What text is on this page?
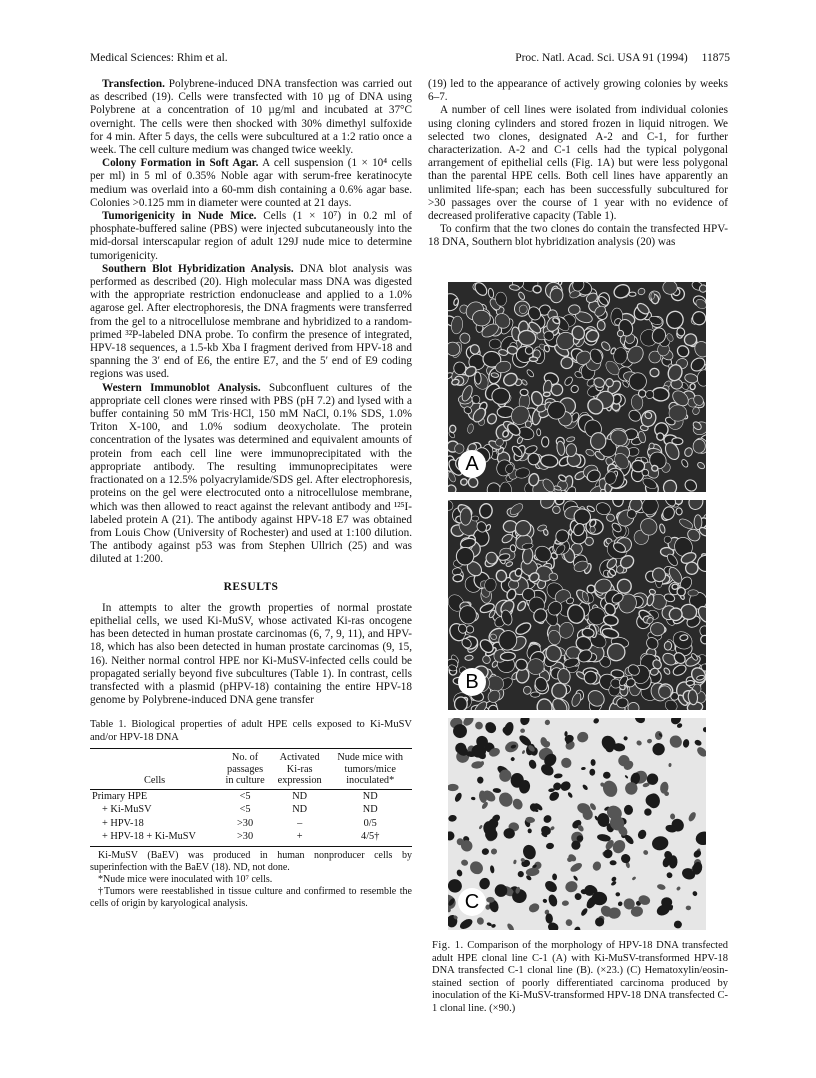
Medical Sciences: Rhim et al.	Proc. Natl. Acad. Sci. USA 91 (1994) 11875

Transfection. Polybrene-induced DNA transfection was carried out as described (19). Cells were transfected with 10 µg of DNA using Polybrene at a concentration of 10 µg/ml and incubated at 37°C overnight. The cells were then shocked with 30% dimethyl sulfoxide for 4 min. After 5 days, the cells were subcultured at a 1:2 ratio once a week. The cell culture medium was changed twice weekly.

Colony Formation in Soft Agar. A cell suspension (1 × 10⁴ cells per ml) in 5 ml of 0.35% Noble agar with serum-free keratinocyte medium was overlaid into a 60-mm dish containing a 0.6% agar base. Colonies >0.125 mm in diameter were counted at 21 days.

Tumorigenicity in Nude Mice. Cells (1 × 10⁷) in 0.2 ml of phosphate-buffered saline (PBS) were injected subcutaneously into the mid-dorsal interscapular region of adult 129J nude mice to determine tumorigenicity.

Southern Blot Hybridization Analysis. DNA blot analysis was performed as described (20). High molecular mass DNA was digested with the appropriate restriction endonuclease and applied to a 1.0% agarose gel. After electrophoresis, the DNA fragments were transferred from the gel to a nitrocellulose membrane and hybridized to a random-primed ³²P-labeled DNA probe. To confirm the presence of integrated, HPV-18 sequences, a 1.5-kb Xba I fragment derived from HPV-18 and spanning the 3′ end of E6, the entire E7, and the 5′ end of E9 coding regions was used.

Western Immunoblot Analysis. Subconfluent cultures of the appropriate cell clones were rinsed with PBS (pH 7.2) and lysed with a buffer containing 50 mM Tris·HCl, 150 mM NaCl, 0.1% SDS, 1.0% Triton X-100, and 1.0% sodium deoxycholate. The protein concentration of the lysates was determined and equivalent amounts of protein from each cell line were immunoprecipitated with the appropriate antibody. The resulting immunoprecipitates were fractionated on a 12.5% polyacrylamide/SDS gel. After electrophoresis, proteins on the gel were electrocuted onto a nitrocellulose membrane, which was then allowed to react against the relevant antibody and ¹²⁵I-labeled protein A (21). The antibody against HPV-18 E7 was obtained from Louis Chow (University of Rochester) and used at 1:100 dilution. The antibody against p53 was from Stephen Ullrich (25) and was diluted at 1:200.

RESULTS

In attempts to alter the growth properties of normal prostate epithelial cells, we used Ki-MuSV, whose activated Ki-ras oncogene has been detected in human prostate carcinomas (6, 7, 9, 11), and HPV-18, which has also been detected in human prostate carcinomas (9, 15, 16). Neither normal control HPE nor Ki-MuSV-infected cells could be propagated serially beyond five subcultures (Table 1). In contrast, cells transfected with a plasmid (pHPV-18) containing the entire HPV-18 genome by Polybrene-induced DNA gene transfer

Table 1. Biological properties of adult HPE cells exposed to Ki-MuSV and/or HPV-18 DNA
	No. of	Activated	Nude mice with
	passages	Ki-ras	tumors/mice
Cells	in culture	expression	inoculated*
Primary HPE	<5	ND	ND
+ Ki-MuSV	<5	ND	ND
+ HPV-18	>30	–	0/5
+ HPV-18 + Ki-MuSV	>30	+	4/5†

Ki-MuSV (BaEV) was produced in human nonproducer cells by superinfection with the BaEV (18). ND, not done.

*Nude mice were inoculated with 10⁷ cells.

†Tumors were reestablished in tissue culture and confirmed to resemble the cells of origin by karyological analysis.

(19) led to the appearance of actively growing colonies by weeks 6–7.

A number of cell lines were isolated from individual colonies using cloning cylinders and stored frozen in liquid nitrogen. We selected two clones, designated A-2 and C-1, for further characterization. A-2 and C-1 cells had the typical polygonal arrangement of epithelial cells (Fig. 1A) but were less polygonal than the parental HPE cells. Both cell lines have apparently an unlimited life-span; each has been successfully subcultured for >30 passages over the course of 1 year with no evidence of decreased proliferative capacity (Table 1).

To confirm that the two clones do contain the transfected HPV-18 DNA, Southern blot hybridization analysis (20) was

A
B
C
Fig. 1. Comparison of the morphology of HPV-18 DNA transfected adult HPE clonal line C-1 (A) with Ki-MuSV-transformed HPV-18 DNA transfected C-1 clonal line (B). (×23.) (C) Hematoxylin/eosin-stained section of poorly differentiated carcinoma produced by inoculation of the Ki-MuSV-transformed HPV-18 DNA transfected C-1 clonal line. (×90.)
